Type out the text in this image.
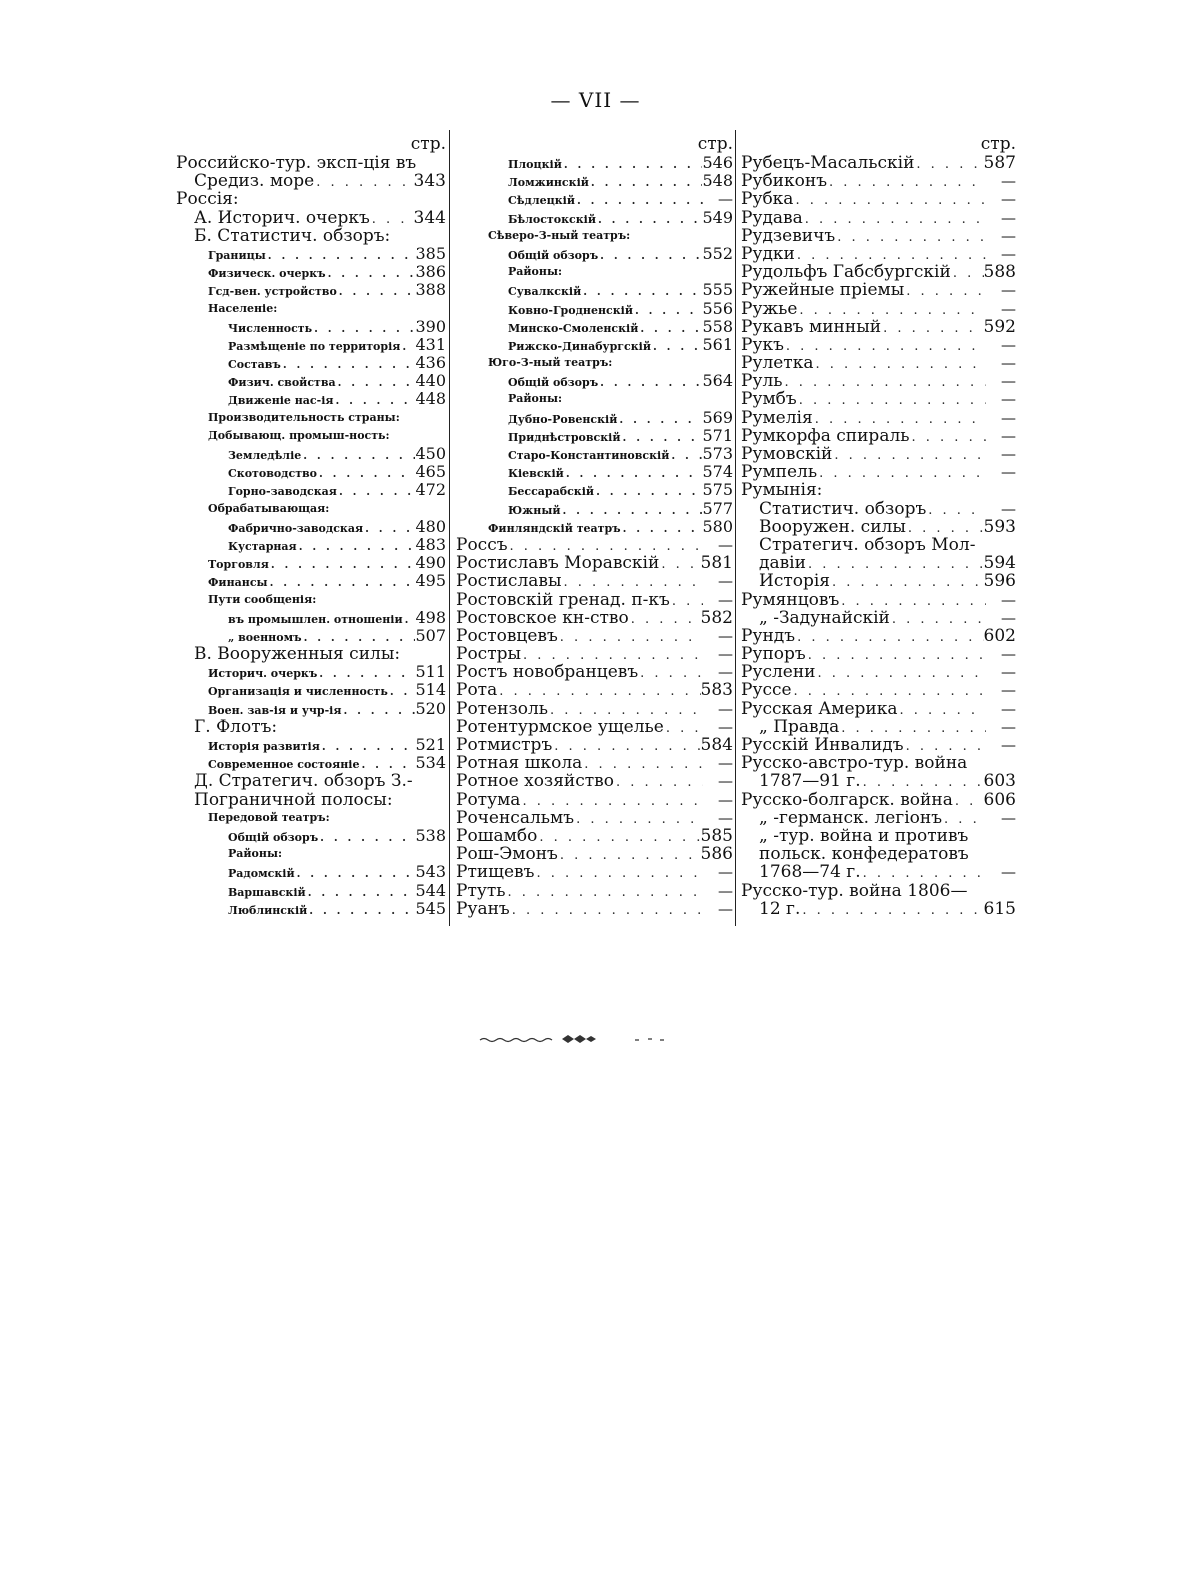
— VII —
стр.
Российско-тур. эксп-ція въ
Средиз. море . . .	343
Россія:
А. Историч. очеркъ . . .	344
Б. Статистич. обзоръ:
Границы . . .	385
Физическ. очеркъ . . .	386
Гсд-вен. устройство . . .	388
Населеніе:
Численность . . .	390
Размѣщеніе по территорія . . . 431
Составъ . . .	436
Физич. свойства . . .	440
Движеніе нас-ія . . .	448
Производительность страны:
Добывающ. промыш-ность:
Земледѣліе . . .	450
Скотоводство . . .	465
Горно-заводская . . .	472
Обрабатывающая:
Фабрично-заводская . . .	480
Кустарная . . .	483
Торговля . . .	490
Финансы . . .	495
Пути сообщенія:
въ промышлен. отношеніи . . . 498
„ военномъ . . .	507
В. Вооруженныя силы:
Историч. очеркъ . . .	511
Организація и численность . . . 514
Воен. зав-ія и учр-ія . . .	520
Г. Флотъ:
Исторія развитія . . .	521
Современное состояніе . . .	534
Д. Стратегич. обзоръ З.-
Пограничной полосы:
Передовой театръ:
Общій обзоръ . . .	538
Районы:
Радомскій . . .	543
Варшавскій . . .	544
Люблинскій . . .	545
стр.
Плоцкій . . .	546
Ломжинскій . . .	548
Сѣдлецкій . . .	—
Бѣлостокскій . . .	549
Сѣверо-З-ный театръ:
Общій обзоръ . . .	552
Районы:
Сувалкскій . . .	555
Ковно-Гродненскій . . .	556
Минско-Смоленскій . . .	558
Рижско-Динабургскій . . .	561
Юго-З-ный театръ:
Общій обзоръ . . .	564
Районы:
Дубно-Ровенскій . . .	569
Приднѣстровскій . . .	571
Старо-Константиновскій . . . 573
Кіевскій . . .	574
Бессарабскій . . .	575
Южный . . .	577
Финляндскій театръ . . .	580
Россъ . . .	—
Ростиславъ Моравскій . . . 581
Ростиславы . . .	—
Ростовскій гренад. п-къ . . .	—
Ростовское кн-ство . . .	582
Ростовцевъ . . .	—
Ростры . . .	—
Ростъ новобранцевъ . . .	—
Рота . . .	583
Ротензоль . . .	—
Ротентурмское ущелье . . .	—
Ротмистръ . . .	584
Ротная школа . . .	—
Ротное хозяйство . . .	—
Ротума . . .	—
Роченсальмъ . . .	—
Рошамбо . . .	585
Рош-Эмонъ . . .	586
Ртищевъ . . .	—
Ртуть . . .	—
Руанъ . . .	—
стр.
Рубецъ-Масальскій . . .	587
Рубиконъ . . .	—
Рубка . . .	—
Рудава . . .	—
Рудзевичъ . . .	—
Рудки . . .	—
Рудольфъ Габсбургскій . . . 588
Ружейные пріемы . . .	—
Ружье . . .	—
Рукавъ минный . . .	592
Рукъ . . .	—
Рулетка . . .	—
Руль . . .	—
Румбъ . . .	—
Румелія . . .	—
Румкорфа спираль . . .	—
Румовскій . . .	—
Румпель . . .	—
Румынія:
Статистич. обзоръ . . .	—
Вооружен. силы . . .	593
Стратегич. обзоръ Мол-
давіи . . .	594
Исторія . . .	596
Румянцовъ . . .	—
„ -Задунайскій . . .	—
Рундъ . . .	602
Рупоръ . . .	—
Руслени . . .	—
Руссе . . .	—
Русская Америка . . .	—
„ Правда . . .	—
Русскій Инвалидъ . . .	—
Русско-австро-тур. война
1787—91 г. . . .	603
Русско-болгарск. война . . . 606
„ -германск. легіонъ . . .	—
„ -тур. война и противъ
польск. конфедератовъ
1768—74 г. . . .	—
Русско-тур. война 1806—
12 г. . . .	615
